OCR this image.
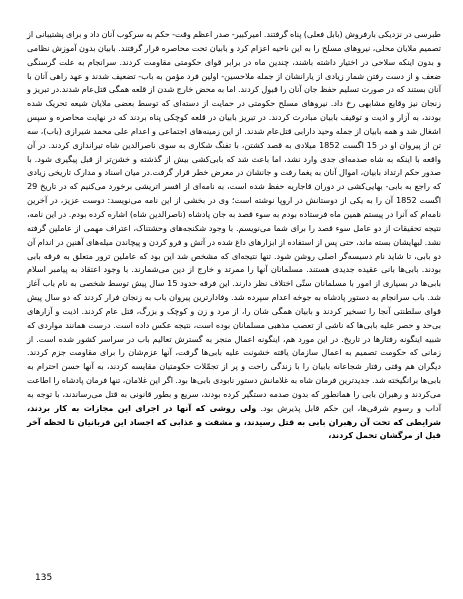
طبرسی در نزدیکی بارفروش (بابل فعلی) پناه گرفتند. امیرکبیر- صدر اعظم وقت- حکم به سرکوب آنان داد و برای پشتیبانی از تصمیم ملایان محلی، نیروهای مسلح را به این ناحیه اعزام کرد و بابیان تحت محاصره قرار گرفتند. بابیان بدون آموزش نظامی و بدون اینکه سلاحی در اختیار داشته باشند، چندین ماه در برابر قوای حکومتی مقاومت کردند. سرانجام به علت گرسنگی ضعف و از دست رفتن شمار زیادی از یارانشان از جمله ملاحسین- اولین فرد مؤمن به باب- تضعیف شدند و عهد راهی آنان با آنان بستند که در صورت تسلیم حفظ جان آنان را قبول کردند. اما به محض خارج شدن از قلعه همگی قتل‌عام شدند.در تبریز و زنجان نیز وقایع مشابهی رخ داد. نیروهای مسلح حکومتی در حمایت از دسته‌ای که توسط بعضی ملایان شیعه تحریک شده بودند، به آزار و اذیت و توقیف بابیان مبادرت کردند. در تبریز بابیان در قلعه کوچکی پناه بردند که در نهایت محاصره و سپس اشغال شد و همه بابیان از جمله وحید دارابی قتل‌عام شدند. از این زمینه‌های اجتماعی و اعدام علی محمد شیرازی (باب)، سه تن از پیروان او در 15 اگست 1852 میلادی به قصد کشتن، با تفنگ شکاری به سوی ناصرالدین شاه تیراندازی کردند. در آن واقعه با اینکه به شاه صدمه‌ای جدی وارد نشد، اما باعث شد که بابی‌کشی بیش از گذشته و خشن‌تر از قبل پیگیری شود. با صدور حکم ارتداد بابیان، اموال آنان به یغما رفت و جانشان در معرض خطر قرار گرفت.در میان اسناد و مدارک تاریخی زیادی که راجع به بابی- بهایی‌کشی در دوران قاجاریه حفظ شده است، به نامه‌ای از افسر اتریشی برخورد می‌کنیم که در تاریخ 29 اگست 1852 آن را به یکی از دوستانش در اروپا نوشته است؛ وی در بخشی از این نامه می‌نویسد: دوست عزیز، در آخرین نامه‌ام که آنرا در پیستم همین ماه فرستاده بودم به سوء قصد به جان پادشاه (ناصرالدین شاه) اشاره کرده بودم. در این نامه، نتیجه تحقیقات از دو عامل سوء قصد را برای شما می‌نویسم. با وجود شکنجه‌های وحشتناک، اعتراف مهمی از عاملین گرفته نشد. لبهایشان بسته ماند، حتی پس از استفاده از ابزارهای داغ شده در آتش و فرو کردن و پیچاندن میله‌های آهنین در اندام آن دو بابی، تا شاید نام دسیسه‌گر اصلی روشن شود. تنها نتیجه‌ای که مشخص شد این بود که عاملین ترور متعلق به فرقه بابی بودند. بابی‌ها بانی عقیده جدیدی هستند. مسلمانان آنها را ممرتد و خارج از دین می‌شمارند. با وجود اعتقاد به پیامبر اسلام بابی‌ها در بسیاری از امور با مسلمانان ستّی اختلاف نظر دارند. این فرقه حدود 15 سال پیش توسط شخصی به نام باب آغاز شد. باب سرانجام به دستور پادشاه به جوخه اعدام سپرده شد. وفادارترین پیروان باب به زنجان فرار کردند که دو سال پیش قوای سلطنتی آنجا را تسخیر کردند و بابیان همگی شان را، از مرد و زن و کوچک و بزرگ، قتل عام کردند. اذیت و آزارهای بی‌حد و حصر علیه بابی‌ها که ناشی از تعصب مذهبی مسلمانان بوده است، نتیجه عکس داده است. درست همانند مواردی که شبیه اینگونه رفتارها در تاریخ. در این مورد هم، اینگونه اعمال منجر به گسترش تعالیم باب در سراسر کشور شده است. از زمانی که حکومت تصمیم به اعمال سازمان یافته خشونت علیه بابی‌ها گرفت، آنها عزم‌شان را برای مقاومت جزم کردند. دیگران هم وقتی رفتار شجاعانه بابیان را با زندگی راحت و پر از تجمّلات حکومتیان مقایسه کردند، به آنها حسن احترام به بابی‌ها برانگیخته شد. جدیدترین فرمان شاه به غلامانش دستور نابودی بابی‌ها بود. اگر این غلامان، تنها فرمان پادشاه را اطاعت می‌کردند و رهبران بابی را همانطور که بدون صدمه دستگیر کرده بودند، سریع و بطور قانونی به قتل می‌رساندند، با توجه به آداب و رسوم شرقی‌ها، این حکم قابل پذیرش بود. ولی روشی که آنها در اجرای این مجازات به کار بردند، شرایطی که تحت آن رهبران بابی به قتل رسیدند، و مشقت و عذابی که اجساد این قربانیان تا لحظه آخر قبل از مرگشان تحمل کردند،

135
